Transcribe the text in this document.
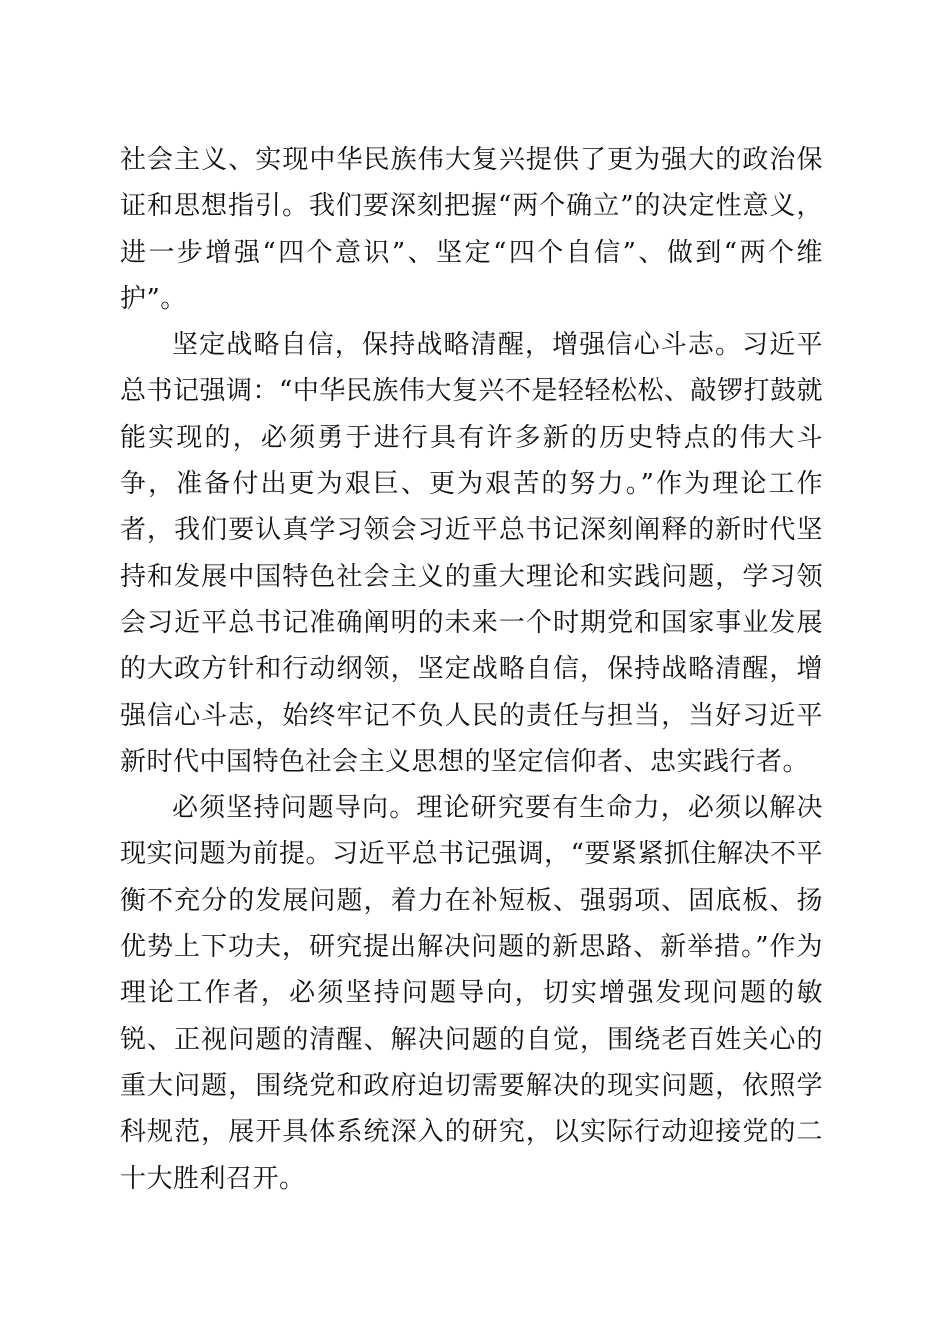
社会主义、实现中华民族伟大复兴提供了更为强大的政治保证和思想指引。我们要深刻把握“两个确立”的决定性意义，进一步增强“四个意识”、坚定“四个自信”、做到“两个维护”。

坚定战略自信，保持战略清醒，增强信心斗志。习近平总书记强调：“中华民族伟大复兴不是轻轻松松、敲锣打鼓就能实现的，必须勇于进行具有许多新的历史特点的伟大斗争，准备付出更为艰巨、更为艰苦的努力。”作为理论工作者，我们要认真学习领会习近平总书记深刻阐释的新时代坚持和发展中国特色社会主义的重大理论和实践问题，学习领会习近平总书记准确阐明的未来一个时期党和国家事业发展的大政方针和行动纲领，坚定战略自信，保持战略清醒，增强信心斗志，始终牢记不负人民的责任与担当，当好习近平新时代中国特色社会主义思想的坚定信仰者、忠实践行者。

必须坚持问题导向。理论研究要有生命力，必须以解决现实问题为前提。习近平总书记强调，“要紧紧抓住解决不平衡不充分的发展问题，着力在补短板、强弱项、固底板、扬优势上下功夫，研究提出解决问题的新思路、新举措。”作为理论工作者，必须坚持问题导向，切实增强发现问题的敏锐、正视问题的清醒、解决问题的自觉，围绕老百姓关心的重大问题，围绕党和政府迫切需要解决的现实问题，依照学科规范，展开具体系统深入的研究，以实际行动迎接党的二十大胜利召开。
